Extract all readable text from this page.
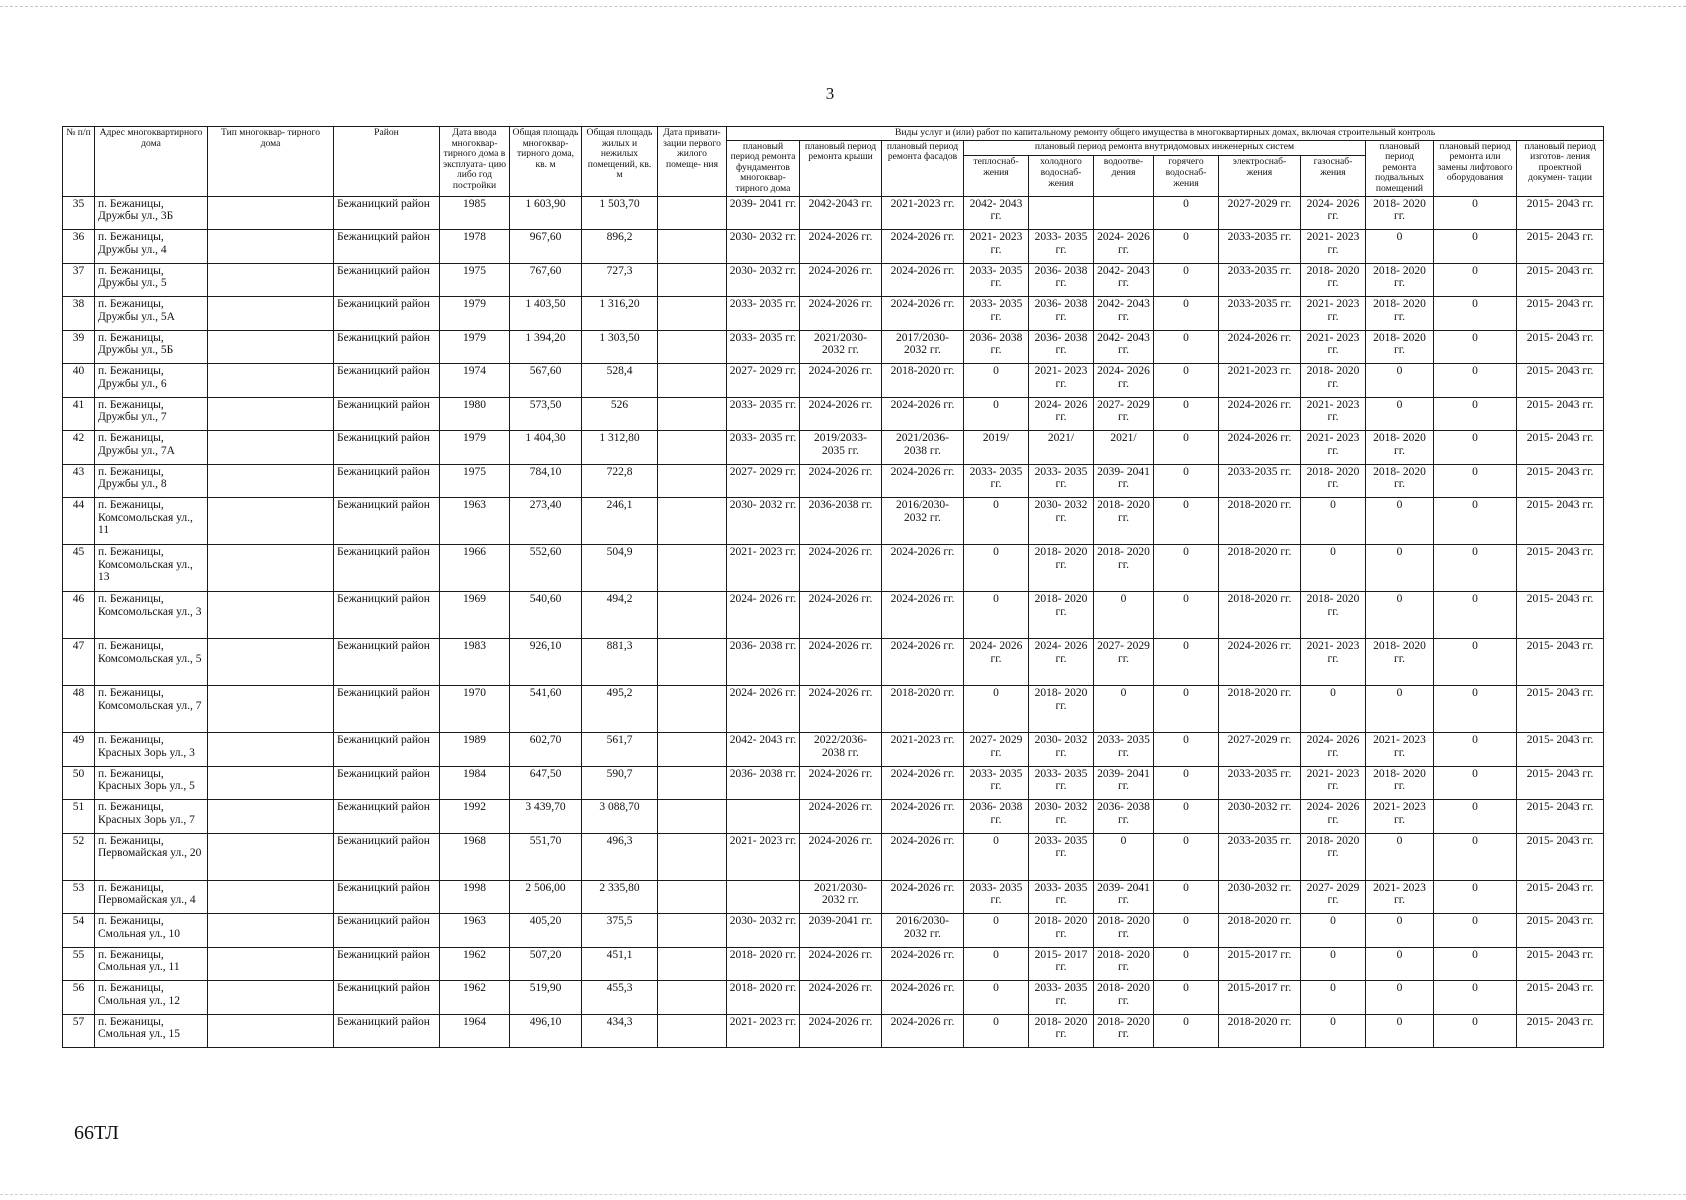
3
№ п/п	Адрес многоквартирного дома	Тип многоквар- тирного дома	Район	Дата ввода многоквар- тирного дома в эксплуата- цию либо год постройки	Общая площадь многоквар- тирного дома, кв. м	Общая площадь жилых и нежилых помещений, кв. м	Дата привати- зации первого жилого помеще- ния	Виды услуг и (или) работ по капитальному ремонту общего имущества в многоквартирных домах, включая строительный контроль											
								плановый период ремонта фундаментов многоквар- тирного дома	плановый период ремонта крыши	плановый период ремонта фасадов	плановый период ремонта внутридомовых инженерных систем						плановый период ремонта подвальных помещений	плановый период ремонта или замены лифтового оборудования	плановый период изготов- ления проектной докумен- тации
											теплоснаб- жения	холодного водоснаб- жения	водоотве- дения	горячего водоснаб- жения	электроснаб- жения	газоснаб- жения			
35	п. Бежаницы, Дружбы ул., 3Б		Бежаницкий район	1985	1 603,90	1 503,70		2039- 2041 гг.	2042-2043 гг.	2021-2023 гг.	2042- 2043 гг.			0	2027-2029 гг.	2024- 2026 гг.	2018- 2020 гг.	0	2015- 2043 гг.
36	п. Бежаницы, Дружбы ул., 4		Бежаницкий район	1978	967,60	896,2		2030- 2032 гг.	2024-2026 гг.	2024-2026 гг.	2021- 2023 гг.	2033- 2035 гг.	2024- 2026 гг.	0	2033-2035 гг.	2021- 2023 гг.	0	0	2015- 2043 гг.
37	п. Бежаницы, Дружбы ул., 5		Бежаницкий район	1975	767,60	727,3		2030- 2032 гг.	2024-2026 гг.	2024-2026 гг.	2033- 2035 гг.	2036- 2038 гг.	2042- 2043 гг.	0	2033-2035 гг.	2018- 2020 гг.	2018- 2020 гг.	0	2015- 2043 гг.
38	п. Бежаницы, Дружбы ул., 5А		Бежаницкий район	1979	1 403,50	1 316,20		2033- 2035 гг.	2024-2026 гг.	2024-2026 гг.	2033- 2035 гг.	2036- 2038 гг.	2042- 2043 гг.	0	2033-2035 гг.	2021- 2023 гг.	2018- 2020 гг.	0	2015- 2043 гг.
39	п. Бежаницы, Дружбы ул., 5Б		Бежаницкий район	1979	1 394,20	1 303,50		2033- 2035 гг.	2021/2030- 2032 гг.	2017/2030- 2032 гг.	2036- 2038 гг.	2036- 2038 гг.	2042- 2043 гг.	0	2024-2026 гг.	2021- 2023 гг.	2018- 2020 гг.	0	2015- 2043 гг.
40	п. Бежаницы, Дружбы ул., 6		Бежаницкий район	1974	567,60	528,4		2027- 2029 гг.	2024-2026 гг.	2018-2020 гг.	0	2021- 2023 гг.	2024- 2026 гг.	0	2021-2023 гг.	2018- 2020 гг.	0	0	2015- 2043 гг.
41	п. Бежаницы, Дружбы ул., 7		Бежаницкий район	1980	573,50	526		2033- 2035 гг.	2024-2026 гг.	2024-2026 гг.	0	2024- 2026 гг.	2027- 2029 гг.	0	2024-2026 гг.	2021- 2023 гг.	0	0	2015- 2043 гг.
42	п. Бежаницы, Дружбы ул., 7А		Бежаницкий район	1979	1 404,30	1 312,80		2033- 2035 гг.	2019/2033- 2035 гг.	2021/2036- 2038 гг.	2019/	2021/	2021/	0	2024-2026 гг.	2021- 2023 гг.	2018- 2020 гг.	0	2015- 2043 гг.
43	п. Бежаницы, Дружбы ул., 8		Бежаницкий район	1975	784,10	722,8		2027- 2029 гг.	2024-2026 гг.	2024-2026 гг.	2033- 2035 гг.	2033- 2035 гг.	2039- 2041 гг.	0	2033-2035 гг.	2018- 2020 гг.	2018- 2020 гг.	0	2015- 2043 гг.
44	п. Бежаницы, Комсомольская ул., 11		Бежаницкий район	1963	273,40	246,1		2030- 2032 гг.	2036-2038 гг.	2016/2030- 2032 гг.	0	2030- 2032 гг.	2018- 2020 гг.	0	2018-2020 гг.	0	0	0	2015- 2043 гг.
45	п. Бежаницы, Комсомольская ул., 13		Бежаницкий район	1966	552,60	504,9		2021- 2023 гг.	2024-2026 гг.	2024-2026 гг.	0	2018- 2020 гг.	2018- 2020 гг.	0	2018-2020 гг.	0	0	0	2015- 2043 гг.
46	п. Бежаницы, Комсомольская ул., 3		Бежаницкий район	1969	540,60	494,2		2024- 2026 гг.	2024-2026 гг.	2024-2026 гг.	0	2018- 2020 гг.	0	0	2018-2020 гг.	2018- 2020 гг.	0	0	2015- 2043 гг.
47	п. Бежаницы, Комсомольская ул., 5		Бежаницкий район	1983	926,10	881,3		2036- 2038 гг.	2024-2026 гг.	2024-2026 гг.	2024- 2026 гг.	2024- 2026 гг.	2027- 2029 гг.	0	2024-2026 гг.	2021- 2023 гг.	2018- 2020 гг.	0	2015- 2043 гг.
48	п. Бежаницы, Комсомольская ул., 7		Бежаницкий район	1970	541,60	495,2		2024- 2026 гг.	2024-2026 гг.	2018-2020 гг.	0	2018- 2020 гг.	0	0	2018-2020 гг.	0	0	0	2015- 2043 гг.
49	п. Бежаницы, Красных Зорь ул., 3		Бежаницкий район	1989	602,70	561,7		2042- 2043 гг.	2022/2036- 2038 гг.	2021-2023 гг.	2027- 2029 гг.	2030- 2032 гг.	2033- 2035 гг.	0	2027-2029 гг.	2024- 2026 гг.	2021- 2023 гг.	0	2015- 2043 гг.
50	п. Бежаницы, Красных Зорь ул., 5		Бежаницкий район	1984	647,50	590,7		2036- 2038 гг.	2024-2026 гг.	2024-2026 гг.	2033- 2035 гг.	2033- 2035 гг.	2039- 2041 гг.	0	2033-2035 гг.	2021- 2023 гг.	2018- 2020 гг.	0	2015- 2043 гг.
51	п. Бежаницы, Красных Зорь ул., 7		Бежаницкий район	1992	3 439,70	3 088,70			2024-2026 гг.	2024-2026 гг.	2036- 2038 гг.	2030- 2032 гг.	2036- 2038 гг.	0	2030-2032 гг.	2024- 2026 гг.	2021- 2023 гг.	0	2015- 2043 гг.
52	п. Бежаницы, Первомайская ул., 20		Бежаницкий район	1968	551,70	496,3		2021- 2023 гг.	2024-2026 гг.	2024-2026 гг.	0	2033- 2035 гг.	0	0	2033-2035 гг.	2018- 2020 гг.	0	0	2015- 2043 гг.
53	п. Бежаницы, Первомайская ул., 4		Бежаницкий район	1998	2 506,00	2 335,80			2021/2030- 2032 гг.	2024-2026 гг.	2033- 2035 гг.	2033- 2035 гг.	2039- 2041 гг.	0	2030-2032 гг.	2027- 2029 гг.	2021- 2023 гг.	0	2015- 2043 гг.
54	п. Бежаницы, Смольная ул., 10		Бежаницкий район	1963	405,20	375,5		2030- 2032 гг.	2039-2041 гг.	2016/2030- 2032 гг.	0	2018- 2020 гг.	2018- 2020 гг.	0	2018-2020 гг.	0	0	0	2015- 2043 гг.
55	п. Бежаницы, Смольная ул., 11		Бежаницкий район	1962	507,20	451,1		2018- 2020 гг.	2024-2026 гг.	2024-2026 гг.	0	2015- 2017 гг.	2018- 2020 гг.	0	2015-2017 гг.	0	0	0	2015- 2043 гг.
56	п. Бежаницы, Смольная ул., 12		Бежаницкий район	1962	519,90	455,3		2018- 2020 гг.	2024-2026 гг.	2024-2026 гг.	0	2033- 2035 гг.	2018- 2020 гг.	0	2015-2017 гг.	0	0	0	2015- 2043 гг.
57	п. Бежаницы, Смольная ул., 15		Бежаницкий район	1964	496,10	434,3		2021- 2023 гг.	2024-2026 гг.	2024-2026 гг.	0	2018- 2020 гг.	2018- 2020 гг.	0	2018-2020 гг.	0	0	0	2015- 2043 гг.
66ТЛ
